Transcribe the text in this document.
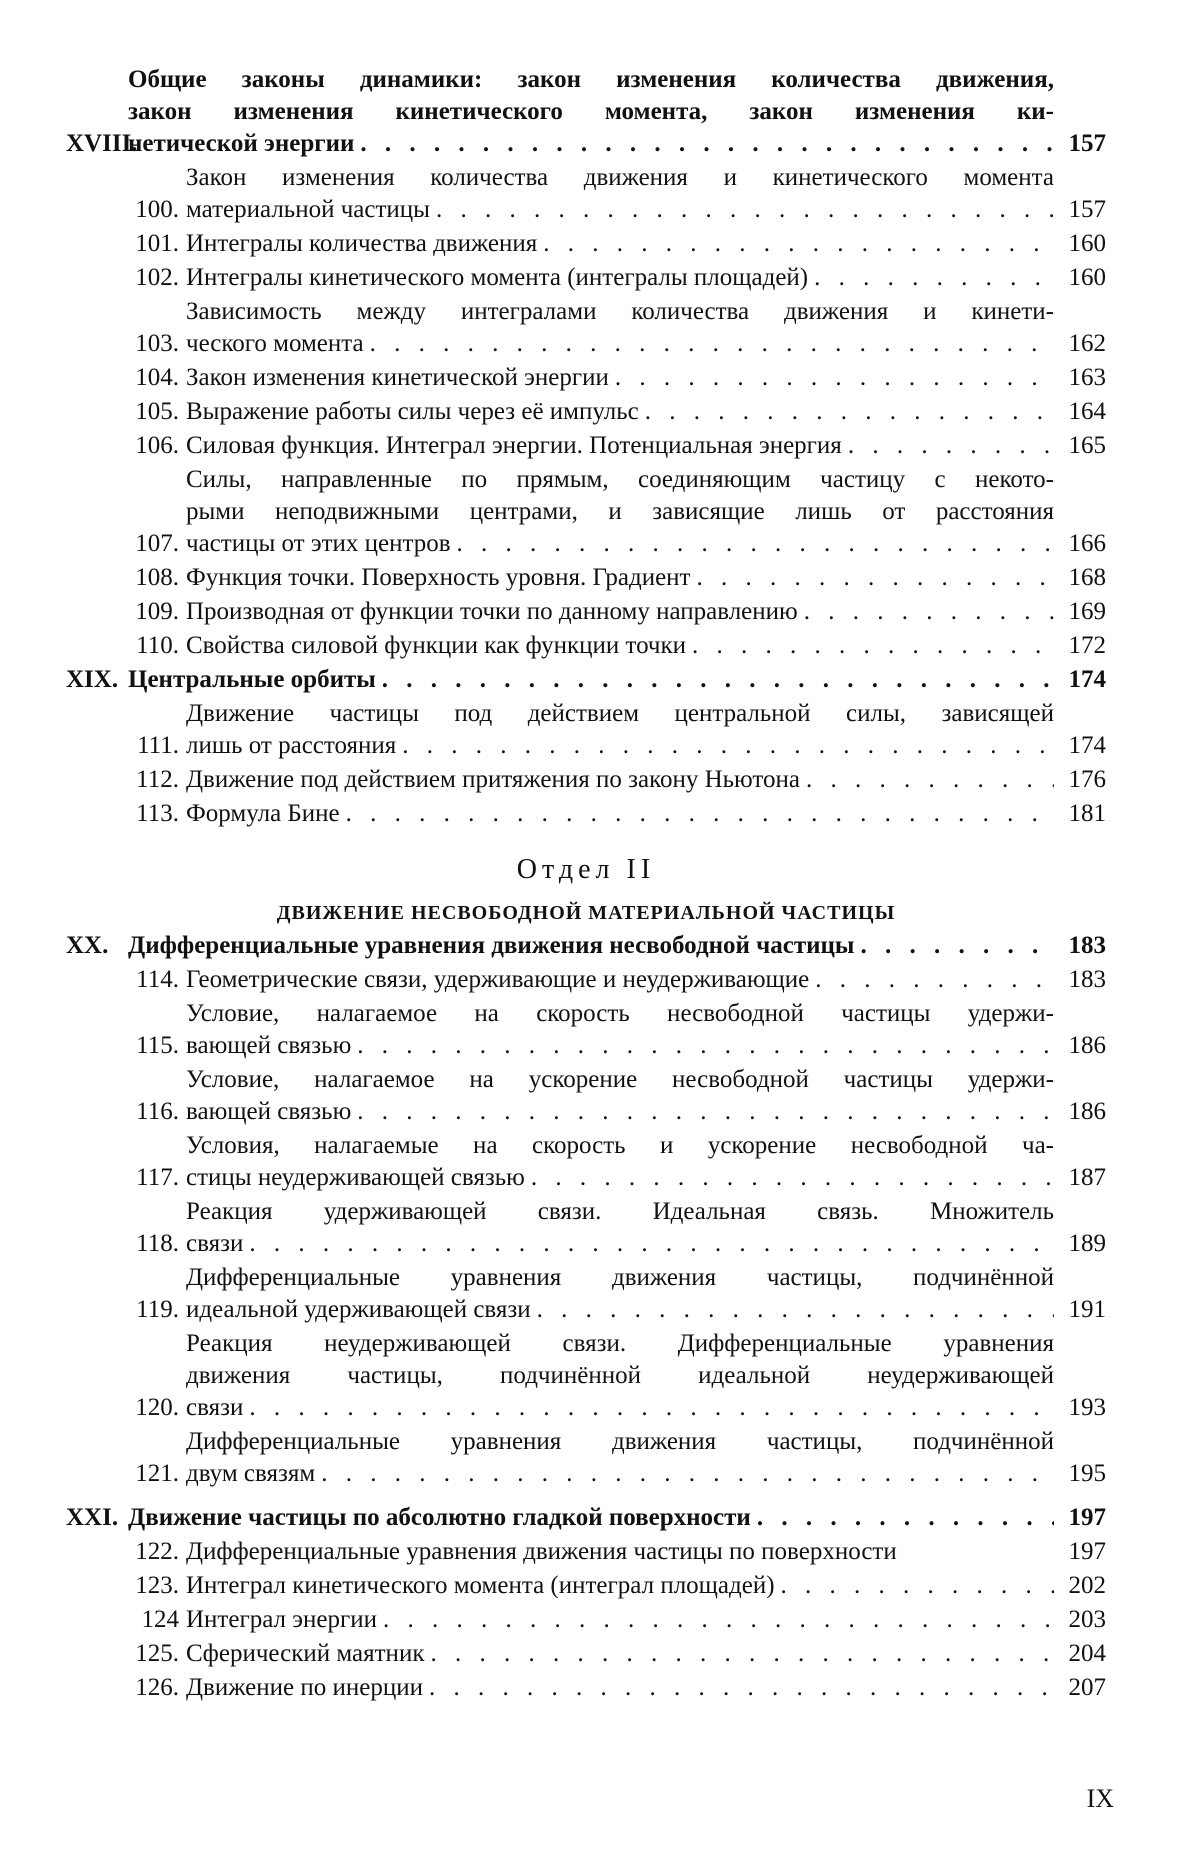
XVIII.
Общие законы динамики: закон изменения количества движения,
закон изменения кинетического момента, закон изменения ки-
нетической энергии . . .	157
100.
Закон изменения количества движения и кинетического момента
материальной частицы . . .	157
101. Интегралы количества движения . . .	160
102. Интегралы кинетического момента (интегралы площадей) . . .	160
103.
Зависимость между интегралами количества движения и кинети-
ческого момента . . .	162
104. Закон изменения кинетической энергии . . .	163
105. Выражение работы силы через её импульс . . .	164
106. Силовая функция. Интеграл энергии. Потенциальная энергия . . .	165
107.
Силы, направленные по прямым, соединяющим частицу с некото-
рыми неподвижными центрами, и зависящие лишь от расстояния
частицы от этих центров . . .	166
108. Функция точки. Поверхность уровня. Градиент . . .	168
109. Производная от функции точки по данному направлению . . .	169
110. Свойства силовой функции как функции точки . . .	172
XIX. Центральные орбиты . . .	174
111.
Движение частицы под действием центральной силы, зависящей
лишь от расстояния . . .	174
112. Движение под действием притяжения по закону Ньютона . . .	176
113. Формула Бине . . .	181
Отдел II
ДВИЖЕНИЕ НЕСВОБОДНОЙ МАТЕРИАЛЬНОЙ ЧАСТИЦЫ
XX. Дифференциальные уравнения движения несвободной частицы . . .	183
114. Геометрические связи, удерживающие и неудерживающие . . .	183
115.
Условие, налагаемое на скорость несвободной частицы удержи-
вающей связью . . .	186
116.
Условие, налагаемое на ускорение несвободной частицы удержи-
вающей связью . . .	186
117.
Условия, налагаемые на скорость и ускорение несвободной ча-
стицы неудерживающей связью . . .	187
118.
Реакция удерживающей связи. Идеальная связь. Множитель
связи . . .	189
119.
Дифференциальные уравнения движения частицы, подчинённой
идеальной удерживающей связи . . .	191
120.
Реакция неудерживающей связи. Дифференциальные уравнения
движения частицы, подчинённой идеальной неудерживающей
связи . . .	193
121.
Дифференциальные уравнения движения частицы, подчинённой
двум связям . . .	195
XXI. Движение частицы по абсолютно гладкой поверхности . . .	197
122. Дифференциальные уравнения движения частицы по поверхности	197
123. Интеграл кинетического момента (интеграл площадей) . . .	202
124 Интеграл энергии . . .	203
125. Сферический маятник . . .	204
126. Движение по инерции . . .	207
IX
